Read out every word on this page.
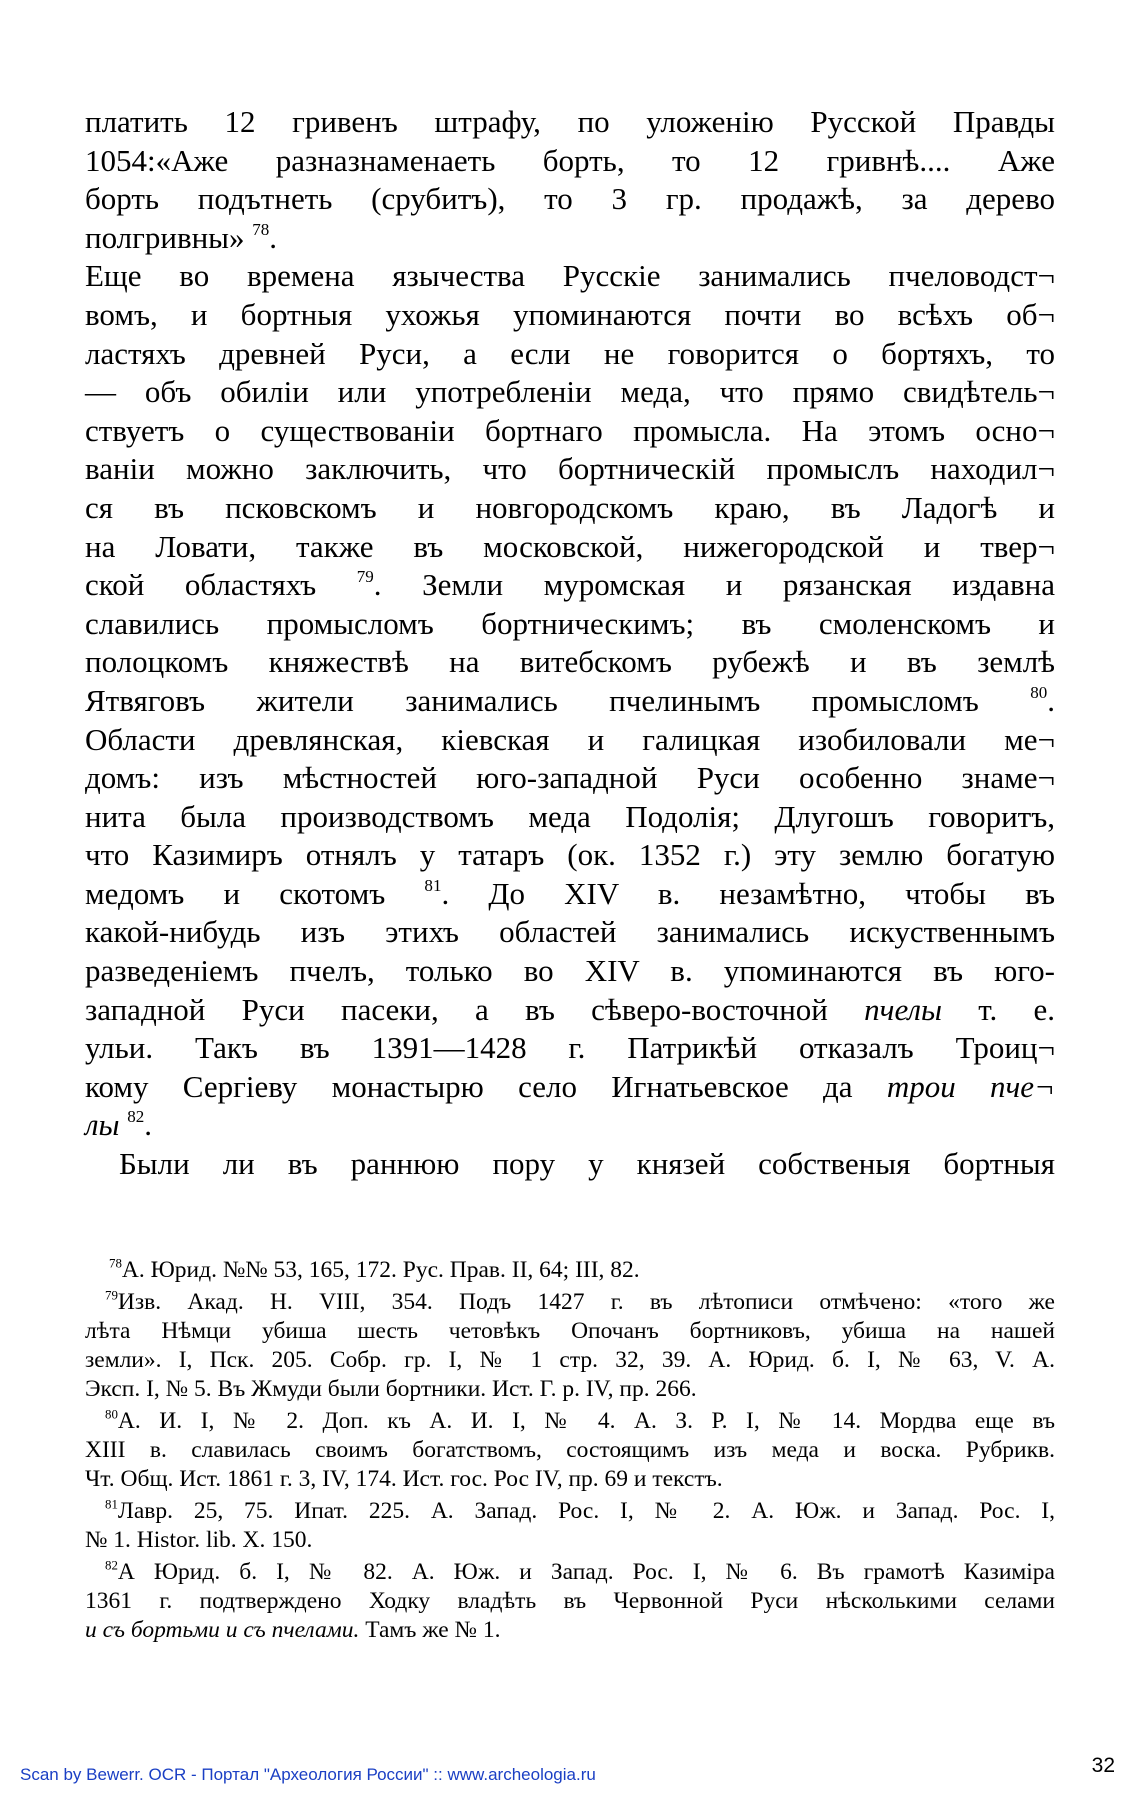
платить 12 гривенъ штрафу, по уложенію Русской Правды
1054:«Аже разназнаменаеть борть, то 12 гривнѣ.... Аже
борть подътнеть (срубитъ), то 3 гр. продажѣ, за дерево
полгривны» $^{78}$.
Еще во времена язычества Русскіе занимались пчеловодст¬
вомъ, и бортныя ухожья упоминаются почти во всѣхъ об¬
ластяхъ древней Руси, а если не говорится о бортяхъ, то
— объ обиліи или употребленіи меда, что прямо свидѣтель¬
ствуетъ о существованіи бортнаго промысла. На этомъ осно¬
ваніи можно заключить, что бортническій промыслъ находил¬
ся въ псковскомъ и новгородскомъ краю, въ Ладогѣ и
на Ловати, также въ московской, нижегородской и твер¬
ской областяхъ $^{79}$. Земли муромская и рязанская издавна
славились промысломъ бортническимъ; въ смоленскомъ и
полоцкомъ княжествѣ на витебскомъ рубежѣ и въ землѣ
Ятвяговъ жители занимались пчелинымъ промысломъ	$^{80}$.
Области древлянская, кіевская и галицкая изобиловали ме¬
домъ: изъ мѣстностей юго-западной Руси особенно знаме¬
нита была производствомъ меда Подолія; Длугошъ говоритъ,
что Казимиръ отнялъ у татаръ (ок. 1352 г.) эту землю богатую
медомъ и скотомъ $^{81}$. До XIV в. незамѣтно, чтобы въ
какой-нибудь изъ этихъ областей занимались искуственнымъ
разведеніемъ пчелъ, только во XIV в. упоминаются въ юго-
западной Руси пасеки, а въ сѣверо-восточной пчелы т. е.
ульи. Такъ въ 1391—1428 г. Патрикѣй отказалъ Троиц¬
кому Сергіеву монастырю село Игнатьевское да трои пче¬
лы $^{82}$.
Были ли въ раннюю пору у князей собственыя бортныя
$^{78}$А. Юрид. №№ 53, 165, 172. Рус. Прав. II, 64; III, 82.
$^{79}$Изв. Акад. Н. VIII, 354. Подъ 1427 г. въ лѣтописи отмѣчено: «того же
лѣта Нѣмци убиша шесть четовѣкъ Опочанъ бортниковъ, убиша на нашей
земли». I, Пск. 205. Собр. гр. I, № 1 стр. 32, 39. А. Юрид. б. I, № 63, V. А.
Эксп. I, № 5. Въ Жмуди были бортники. Ист. Г. р. IV, пр. 266.
$^{80}$А. И. I, № 2. Доп. къ А. И. I, № 4. А. З. Р. I, № 14. Мордва еще въ
XIII в. славилась своимъ богатствомъ, состоящимъ изъ меда и воска. Рубрикв.
Чт. Общ. Ист. 1861 г. 3, IV, 174. Ист. гос. Рос IV, пр. 69 и текстъ.
$^{81}$Лавр. 25, 75. Ипат. 225. А. Запад. Рос. I, № 2. А. Юж. и Запад. Рос. I,
№ 1. Histor. lib. X. 150.
$^{82}$А Юрид. б. I, № 82. А. Юж. и Запад. Рос. I, № 6. Въ грамотѣ Казиміра
1361 г. подтверждено Ходку владѣть въ Червонной Руси нѣсколькими селами
и съ бортьми и съ пчелами. Тамъ же № 1.
Scan by Bewerr. OCR - Портал "Археология России" :: www.archeologia.ru	32
